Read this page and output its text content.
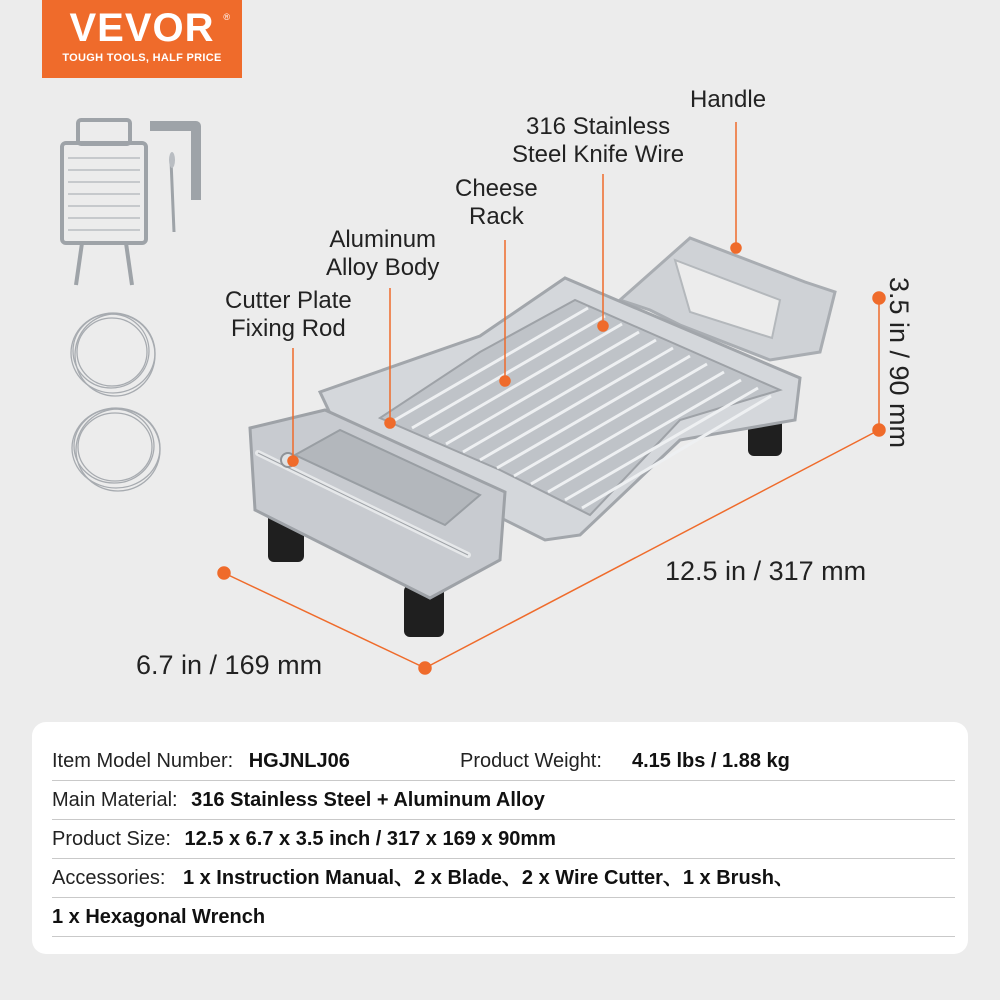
VEVOR ®
TOUGH TOOLS, HALF PRICE
Handle
316 Stainless
Steel Knife Wire
Cheese
Rack
Aluminum
Alloy Body
Cutter Plate
Fixing Rod	3.5 in / 90 mm
12.5 in / 317 mm
6.7 in / 169 mm
Item Model Number: HGJNLJ06	Product Weight: 4.15 lbs / 1.88 kg
Main Material: 316 Stainless Steel + Aluminum Alloy
Product Size: 12.5 x 6.7 x 3.5 inch / 317 x 169 x 90mm
Accessories: 1 x Instruction Manual、2 x Blade、2 x Wire Cutter、1 x Brush、
1 x Hexagonal Wrench
